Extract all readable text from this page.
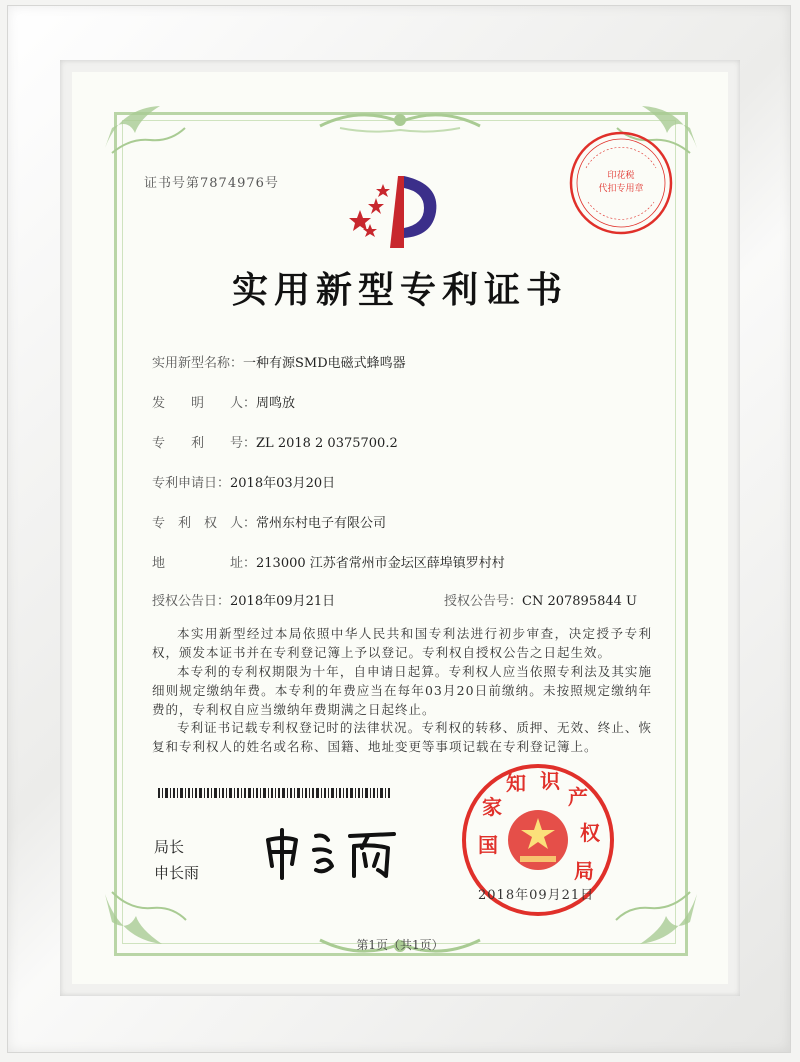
证书号第7874976号	印花税
代扣专用章
实用新型专利证书
实用新型名称：一种有源SMD电磁式蜂鸣器
发　　明　　人：周鸣放
专　　利　　号：ZL 2018 2 0375700.2
专利申请日：2018年03月20日
专　利　权　人：常州东村电子有限公司
地　　　　　址：213000 江苏省常州市金坛区薛埠镇罗村村
授权公告日：2018年09月21日	授权公告号：CN 207895844 U
本实用新型经过本局依照中华人民共和国专利法进行初步审查，决定授予专利权，颁发本证书并在专利登记簿上予以登记。专利权自授权公告之日起生效。
本专利的专利权期限为十年，自申请日起算。专利权人应当依照专利法及其实施细则规定缴纳年费。本专利的年费应当在每年03月20日前缴纳。未按照规定缴纳年费的，专利权自应当缴纳年费期满之日起终止。
专利证书记载专利权登记时的法律状况。专利权的转移、质押、无效、终止、恢复和专利权人的姓名或名称、国籍、地址变更等事项记载在专利登记簿上。
局长
申长雨
国
家
知 识
产
权
局
2018年09月21日
第1页（共1页）
